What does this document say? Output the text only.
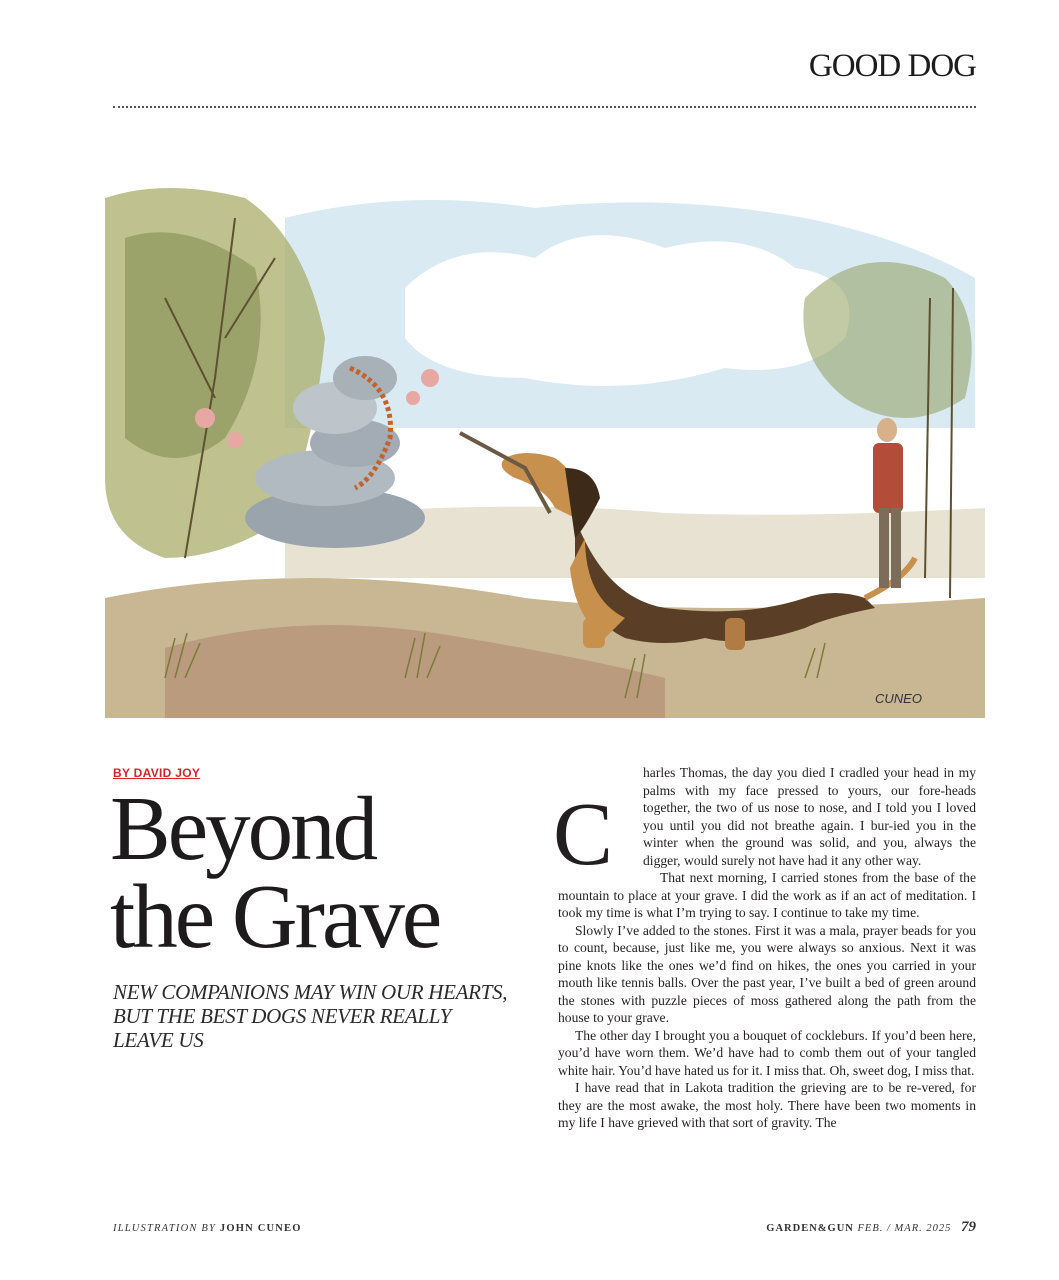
GOOD DOG
CUNEO
BY DAVID JOY
Beyond
the Grave

NEW COMPANIONS MAY WIN OUR HEARTS, BUT THE BEST DOGS NEVER REALLY LEAVE US

C

harles Thomas, the day you died I cradled your head in my palms with my face pressed to yours, our fore-heads together, the two of us nose to nose, and I told you I loved you until you did not breathe again. I bur-ied you in the winter when the ground was solid, and you, always the digger, would surely not have had it any other way.

That next morning, I carried stones from the base of the mountain to place at your grave. I did the work as if an act of meditation. I took my time is what I’m trying to say. I continue to take my time.

Slowly I’ve added to the stones. First it was a mala, prayer beads for you to count, because, just like me, you were always so anxious. Next it was pine knots like the ones we’d find on hikes, the ones you carried in your mouth like tennis balls. Over the past year, I’ve built a bed of green around the stones with puzzle pieces of moss gathered along the path from the house to your grave.

The other day I brought you a bouquet of cockleburs. If you’d been here, you’d have worn them. We’d have had to comb them out of your tangled white hair. You’d have hated us for it. I miss that. Oh, sweet dog, I miss that.

I have read that in Lakota tradition the grieving are to be re-vered, for they are the most awake, the most holy. There have been two moments in my life I have grieved with that sort of gravity. The

ILLUSTRATION BY JOHN CUNEO	GARDEN&GUN FEB. / MAR. 2025 79
